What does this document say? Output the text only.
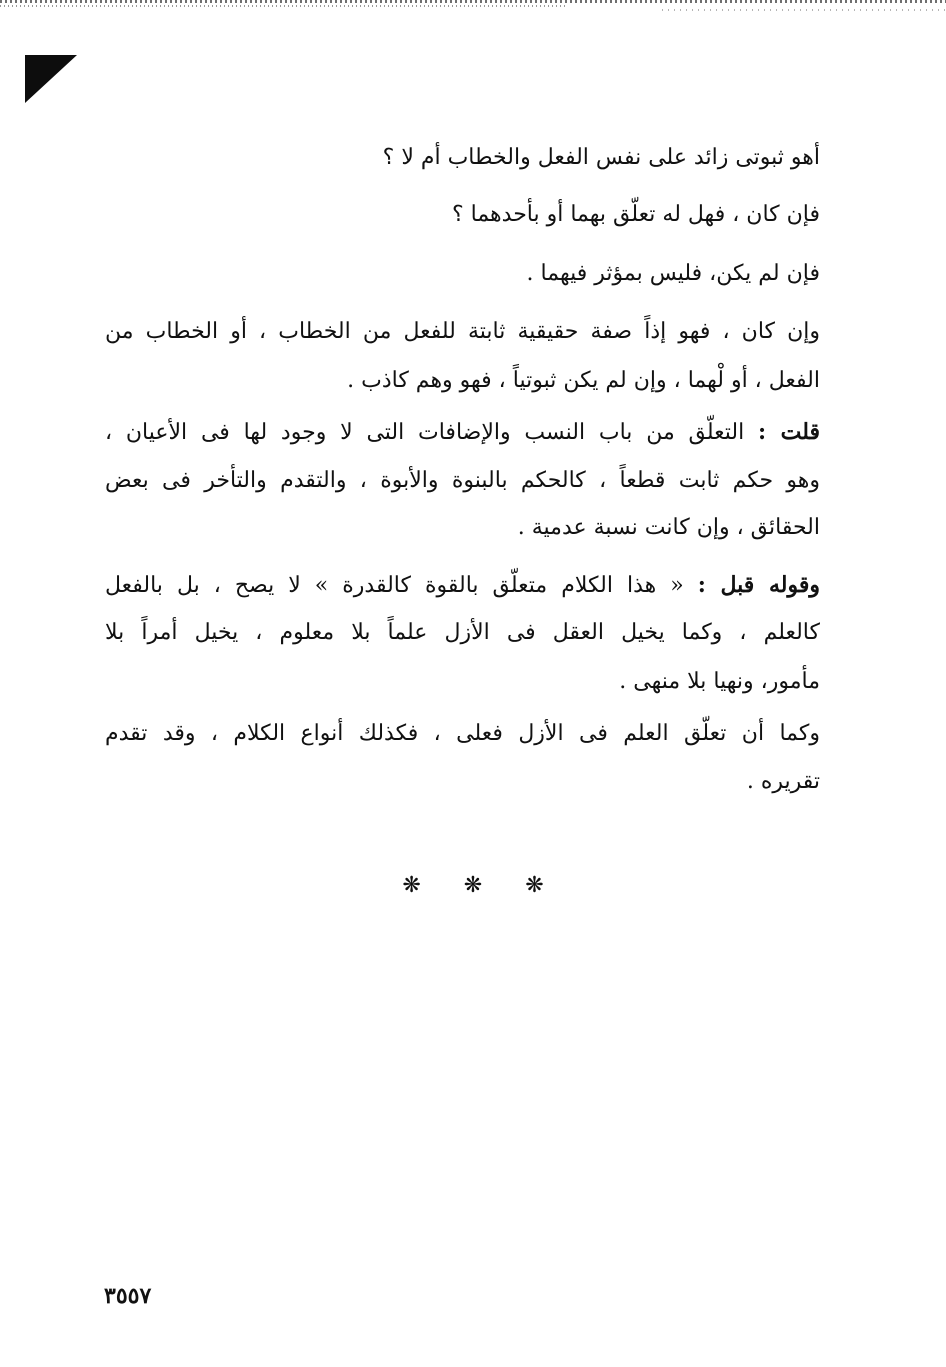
أهو ثبوتى زائد على نفس الفعل والخطاب أم لا ؟
فإن كان ، فهل له تعلّق بهما أو بأحدهما ؟
فإن لم يكن، فليس بمؤثر فيهما .
وإن كان ، فهو إذاً صفة حقيقية ثابتة للفعل من الخطاب ، أو الخطاب من
الفعل ، أو لْهما ، وإن لم يكن ثبوتياً ، فهو وهم كاذب .
قلت : التعلّق من باب النسب والإضافات التى لا وجود لها فى الأعيان ،
وهو حكم ثابت قطعاً ، كالحكم بالبنوة والأبوة ، والتقدم والتأخر فى بعض
الحقائق ، وإن كانت نسبة عدمية .
وقوله قبل : « هذا الكلام متعلّق بالقوة كالقدرة » لا يصح ، بل بالفعل
كالعلم ، وكما يخيل العقل فى الأزل علماً بلا معلوم ، يخيل أمراً بلا
مأمور، ونهيا بلا منهى .
وكما أن تعلّق العلم فى الأزل فعلى ، فكذلك أنواع الكلام ، وقد تقدم
تقريره .
❋ ❋ ❋
٣٥٥٧
